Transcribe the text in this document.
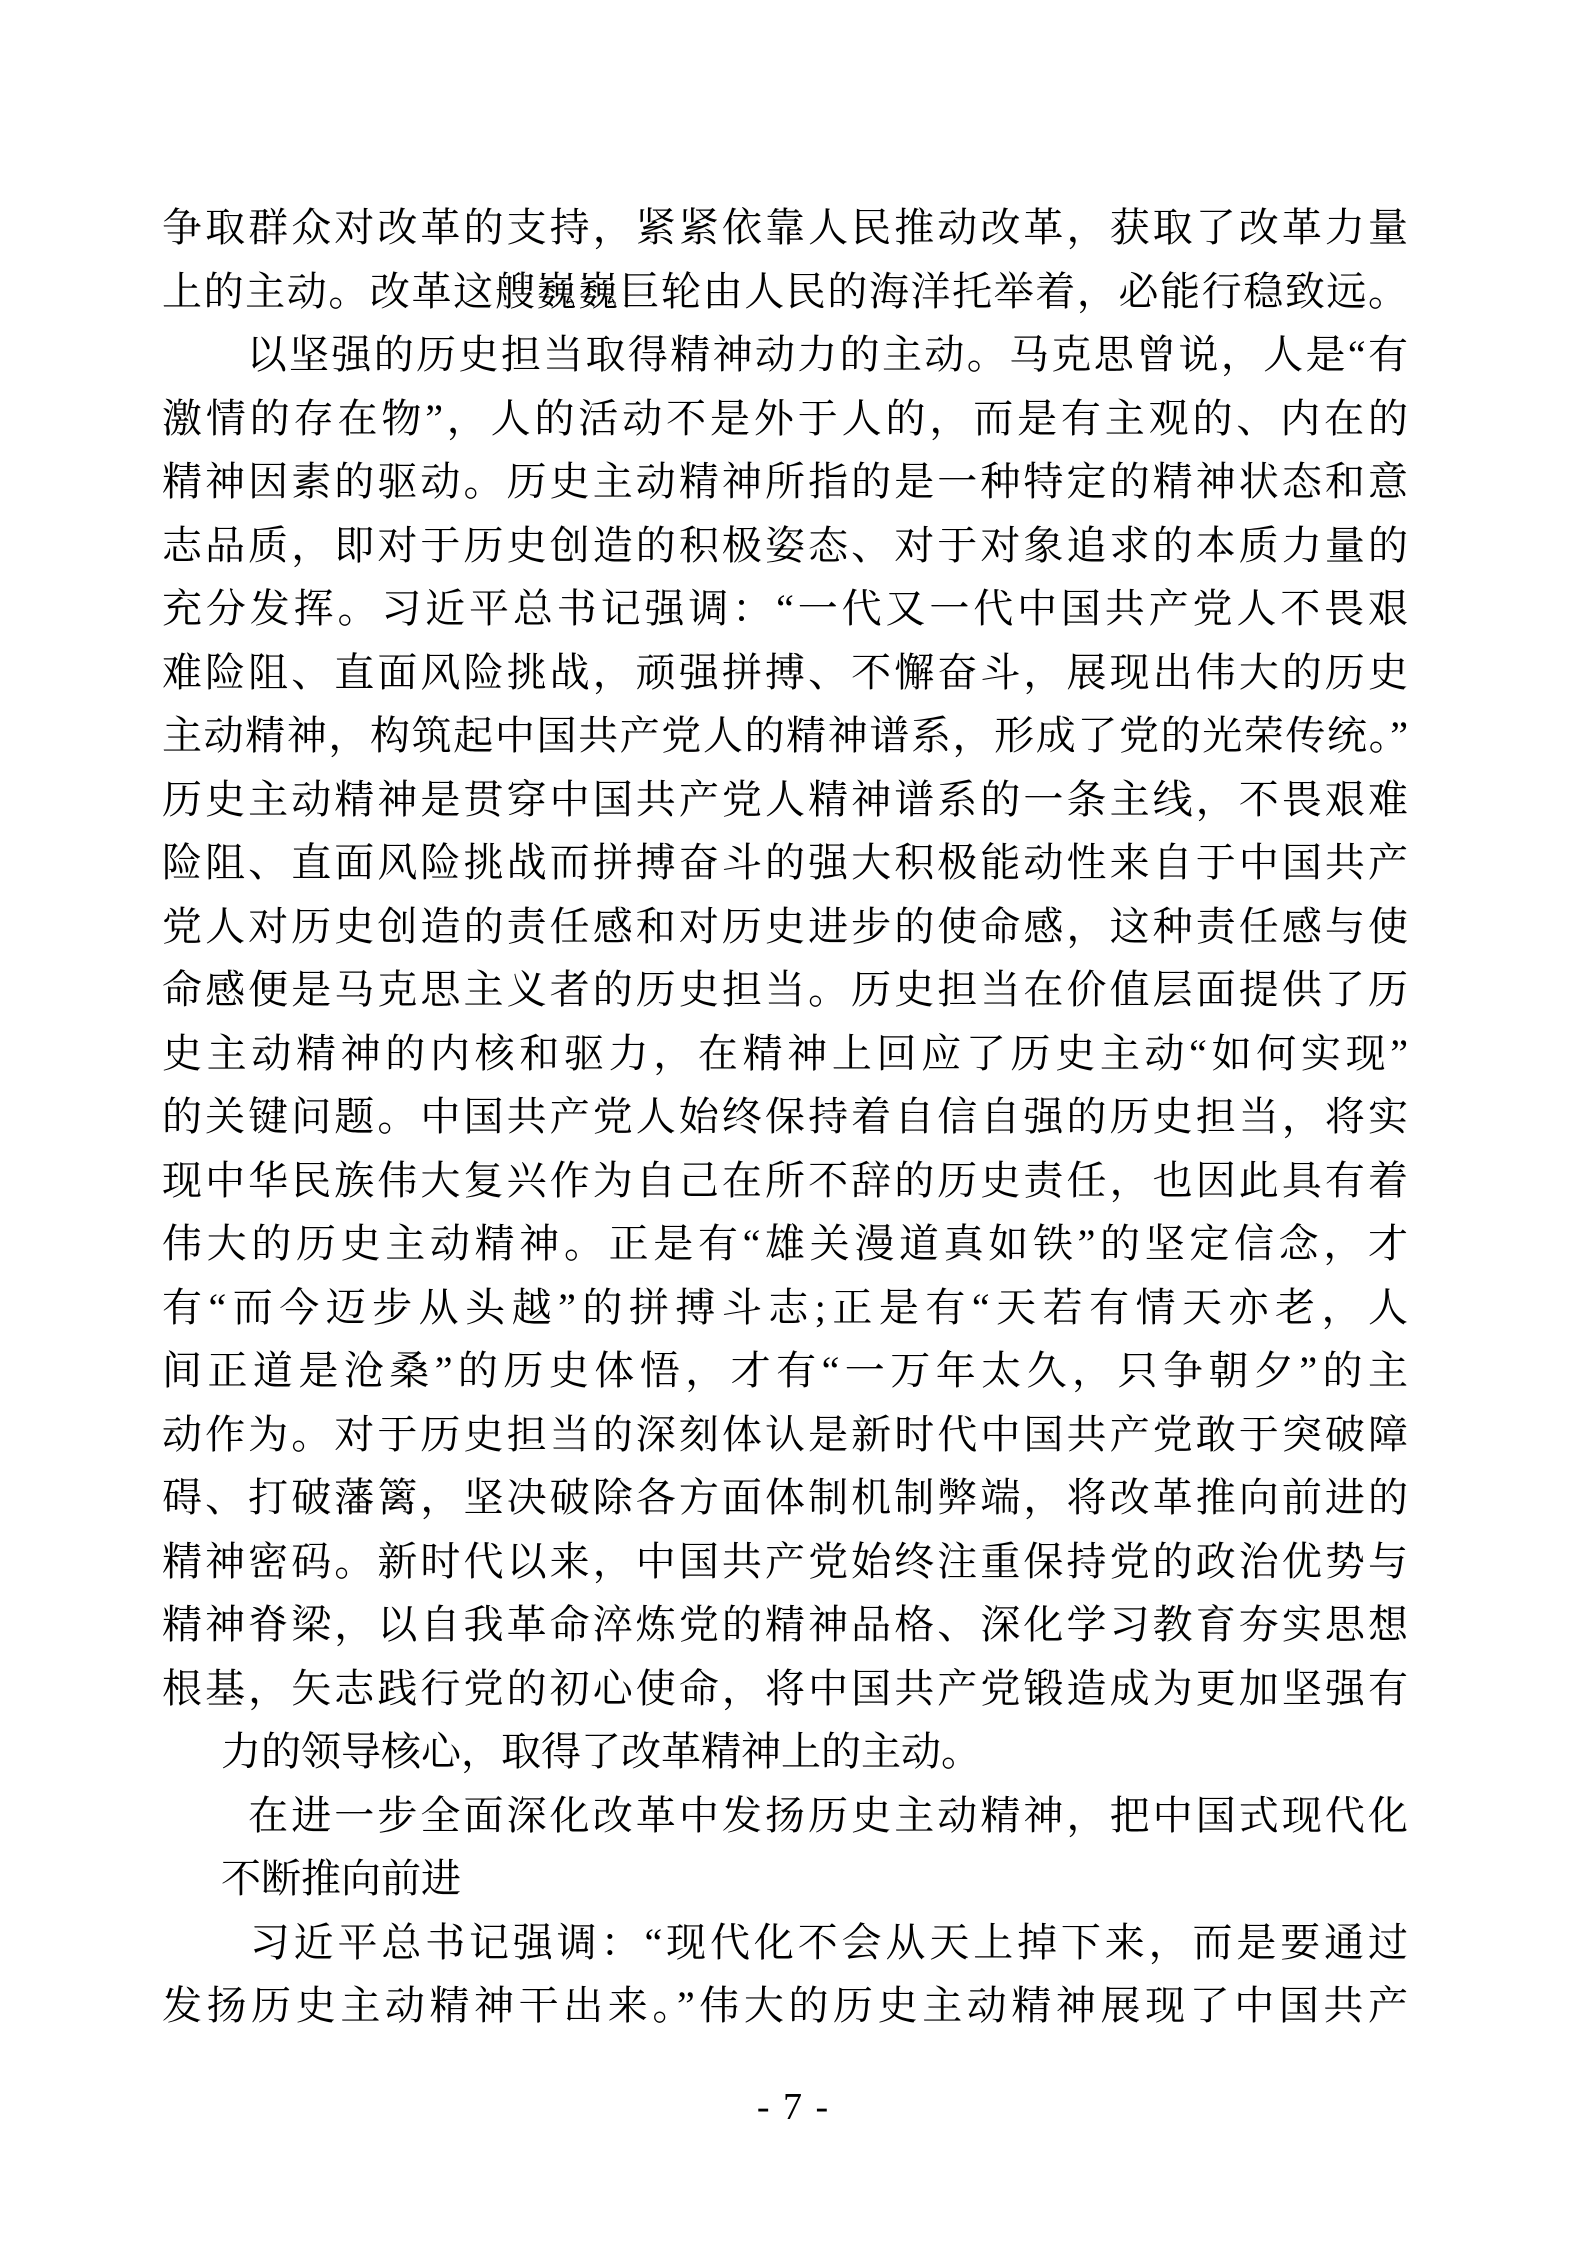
争取群众对改革的支持，紧紧依靠人民推动改革，获取了改革力量
上的主动。改革这艘巍巍巨轮由人民的海洋托举着，必能行稳致远。
　　以坚强的历史担当取得精神动力的主动。马克思曾说，人是“有
激情的存在物”，人的活动不是外于人的，而是有主观的、内在的
精神因素的驱动。历史主动精神所指的是一种特定的精神状态和意
志品质，即对于历史创造的积极姿态、对于对象追求的本质力量的
充分发挥。习近平总书记强调：“一代又一代中国共产党人不畏艰
难险阻、直面风险挑战，顽强拼搏、不懈奋斗，展现出伟大的历史
主动精神，构筑起中国共产党人的精神谱系，形成了党的光荣传统。”
历史主动精神是贯穿中国共产党人精神谱系的一条主线，不畏艰难
险阻、直面风险挑战而拼搏奋斗的强大积极能动性来自于中国共产
党人对历史创造的责任感和对历史进步的使命感，这种责任感与使
命感便是马克思主义者的历史担当。历史担当在价值层面提供了历
史主动精神的内核和驱力，在精神上回应了历史主动“如何实现”
的关键问题。中国共产党人始终保持着自信自强的历史担当，将实
现中华民族伟大复兴作为自己在所不辞的历史责任，也因此具有着
伟大的历史主动精神。正是有“雄关漫道真如铁”的坚定信念，才
有“而今迈步从头越”的拼搏斗志;正是有“天若有情天亦老，人
间正道是沧桑”的历史体悟，才有“一万年太久，只争朝夕”的主
动作为。对于历史担当的深刻体认是新时代中国共产党敢于突破障
碍、打破藩篱，坚决破除各方面体制机制弊端，将改革推向前进的
精神密码。新时代以来，中国共产党始终注重保持党的政治优势与
精神脊梁，以自我革命淬炼党的精神品格、深化学习教育夯实思想
根基，矢志践行党的初心使命，将中国共产党锻造成为更加坚强有
力的领导核心，取得了改革精神上的主动。
　　在进一步全面深化改革中发扬历史主动精神，把中国式现代化
不断推向前进
　　习近平总书记强调：“现代化不会从天上掉下来，而是要通过
发扬历史主动精神干出来。”伟大的历史主动精神展现了中国共产
- 7 -
